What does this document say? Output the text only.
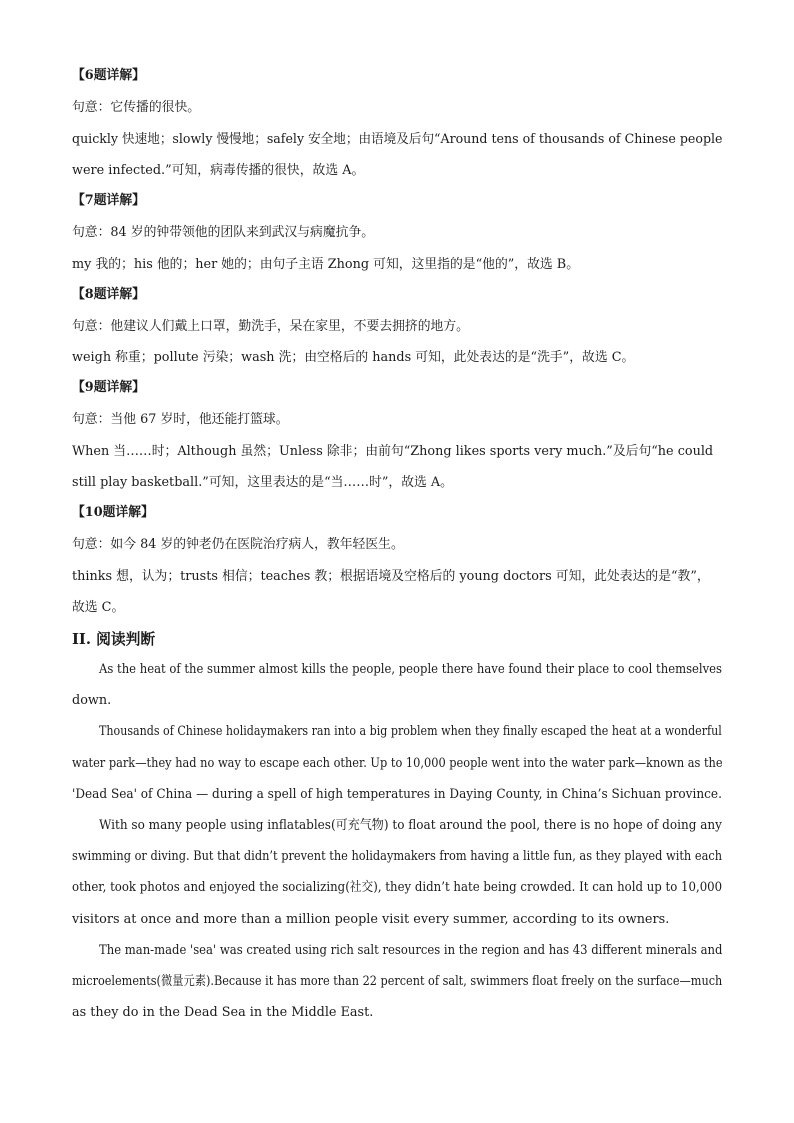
【6题详解】
句意：它传播的很快。
quickly 快速地；slowly 慢慢地；safely 安全地；由语境及后句“Around tens of thousands of Chinese people
were infected.”可知，病毒传播的很快，故选 A。
【7题详解】
句意：84 岁的钟带领他的团队来到武汉与病魔抗争。
my 我的；his 他的；her 她的；由句子主语 Zhong 可知，这里指的是“他的”，故选 B。
【8题详解】
句意：他建议人们戴上口罩，勤洗手，呆在家里，不要去拥挤的地方。
weigh 称重；pollute 污染；wash 洗；由空格后的 hands 可知，此处表达的是“洗手”，故选 C。
【9题详解】
句意：当他 67 岁时，他还能打篮球。
When 当……时；Although 虽然；Unless 除非；由前句“Zhong likes sports very much.”及后句“he could
still play basketball.”可知，这里表达的是“当……时”，故选 A。
【10题详解】
句意：如今 84 岁的钟老仍在医院治疗病人，教年轻医生。
thinks 想，认为；trusts 相信；teaches 教；根据语境及空格后的 young doctors 可知，此处表达的是“教”，
故选 C。
II. 阅读判断
As the heat of the summer almost kills the people, people there have found their place to cool themselves
down.
Thousands of Chinese holidaymakers ran into a big problem when they finally escaped the heat at a wonderful
water park—they had no way to escape each other. Up to 10,000 people went into the water park—known as the
'Dead Sea' of China — during a spell of high temperatures in Daying County, in China’s Sichuan province.
With so many people using inflatables(可充气物) to float around the pool, there is no hope of doing any
swimming or diving. But that didn’t prevent the holidaymakers from having a little fun, as they played with each
other, took photos and enjoyed the socializing(社交), they didn’t hate being crowded. It can hold up to 10,000
visitors at once and more than a million people visit every summer, according to its owners.
The man-made 'sea' was created using rich salt resources in the region and has 43 different minerals and
microelements(微量元素).Because it has more than 22 percent of salt, swimmers float freely on the surface—much
as they do in the Dead Sea in the Middle East.
